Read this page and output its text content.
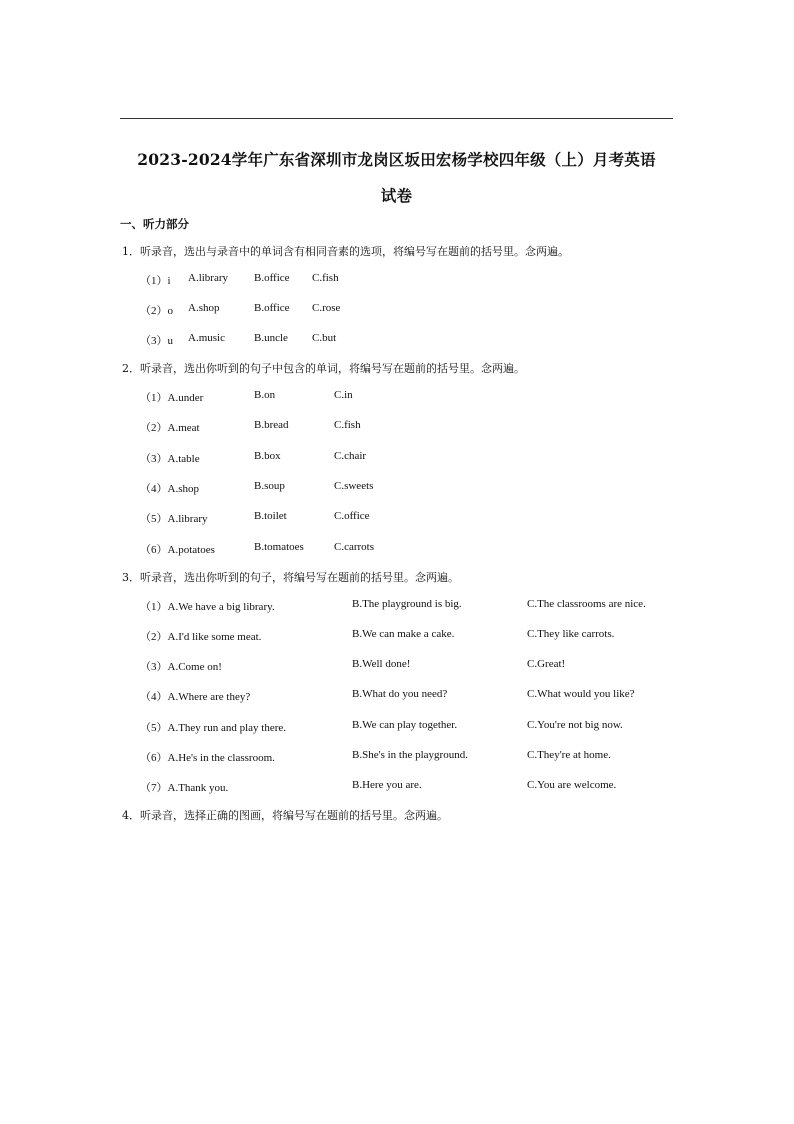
2023-2024学年广东省深圳市龙岗区坂田宏杨学校四年级（上）月考英语
试卷
一、听力部分
1．听录音，选出与录音中的单词含有相同音素的选项，将编号写在题前的括号里。念两遍。
（1）i A.library B.office C.fish
（2）o A.shop	B.office C.rose
（3）u A.music	B.uncle C.but
2．听录音，选出你听到的句子中包含的单词，将编号写在题前的括号里。念两遍。
（1）A.under	B.on	C.in
（2）A.meat	B.bread	C.fish
（3）A.table	B.box	C.chair
（4）A.shop	B.soup	C.sweets
（5）A.library	B.toilet	C.office
（6）A.potatoes	B.tomatoes	C.carrots
3．听录音，选出你听到的句子，将编号写在题前的括号里。念两遍。
（1）A.We have a big library.	B.The playground is big.	C.The classrooms are nice.
（2）A.I'd like some meat.	B.We can make a cake.	C.They like carrots.
（3）A.Come on!	B.Well done!	C.Great!
（4）A.Where are they?	B.What do you need?	C.What would you like?
（5）A.They run and play there.	B.We can play together.	C.You're not big now.
（6）A.He's in the classroom.	B.She's in the playground.	C.They're at home.
（7）A.Thank you.	B.Here you are.	C.You are welcome.
4．听录音，选择正确的图画，将编号写在题前的括号里。念两遍。
